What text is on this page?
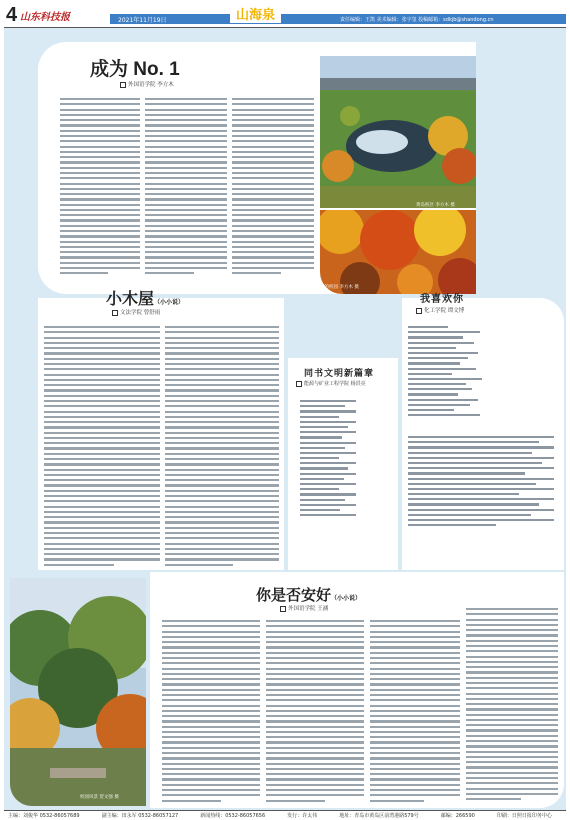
4 山东科技报	2021年11月19日	山海泉	责任编辑：王凯 美术编辑：张宇玺 投稿邮箱：sdkjb@shandong.cn
成为 No. 1
外国语学院 李方木
黄岛校区 李方木 摄
秋的校园 李方木 摄
小木屋（小小说）
文法学院 曾舒雨
同书文明新篇章
能源与矿业工程学院 杨洪亮
我喜欢你
化工学院 谭文博
校园风景 贺文强 摄
你是否安好（小小说）
外国语学院 王涵
主编：刘俊华 0532-86057689	副主编：田永军 0532-86057127	新闻热线：0532-86057656	发行：许太伟	地址：青岛市黄岛区前湾港路579号	邮编：266590	印刷：日照日报印务中心
